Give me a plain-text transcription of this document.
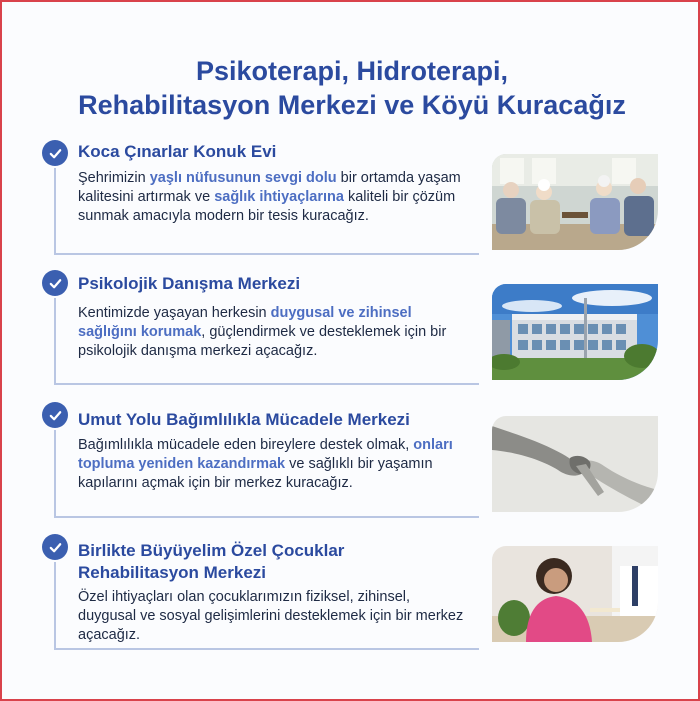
Psikoterapi, Hidroterapi,
Rehabilitasyon Merkezi ve Köyü Kuracağız
Koca Çınarlar Konuk Evi
Şehrimizin yaşlı nüfusunun sevgi dolu bir ortamda yaşam kalitesini artırmak ve sağlık ihtiyaçlarına kaliteli bir çözüm sunmak amacıyla modern bir tesis kuracağız.
Psikolojik Danışma Merkezi
Kentimizde yaşayan herkesin duygusal ve zihinsel sağlığını korumak, güçlendirmek ve desteklemek için bir psikolojik danışma merkezi açacağız.
Umut Yolu Bağımlılıkla Mücadele Merkezi
Bağımlılıkla mücadele eden bireylere destek olmak, onları topluma yeniden kazandırmak ve sağlıklı bir yaşamın kapılarını açmak için bir merkez kuracağız.
Birlikte Büyüyelim Özel Çocuklar
Rehabilitasyon Merkezi
Özel ihtiyaçları olan çocuklarımızın fiziksel, zihinsel, duygusal ve sosyal gelişimlerini desteklemek için bir merkez açacağız.
